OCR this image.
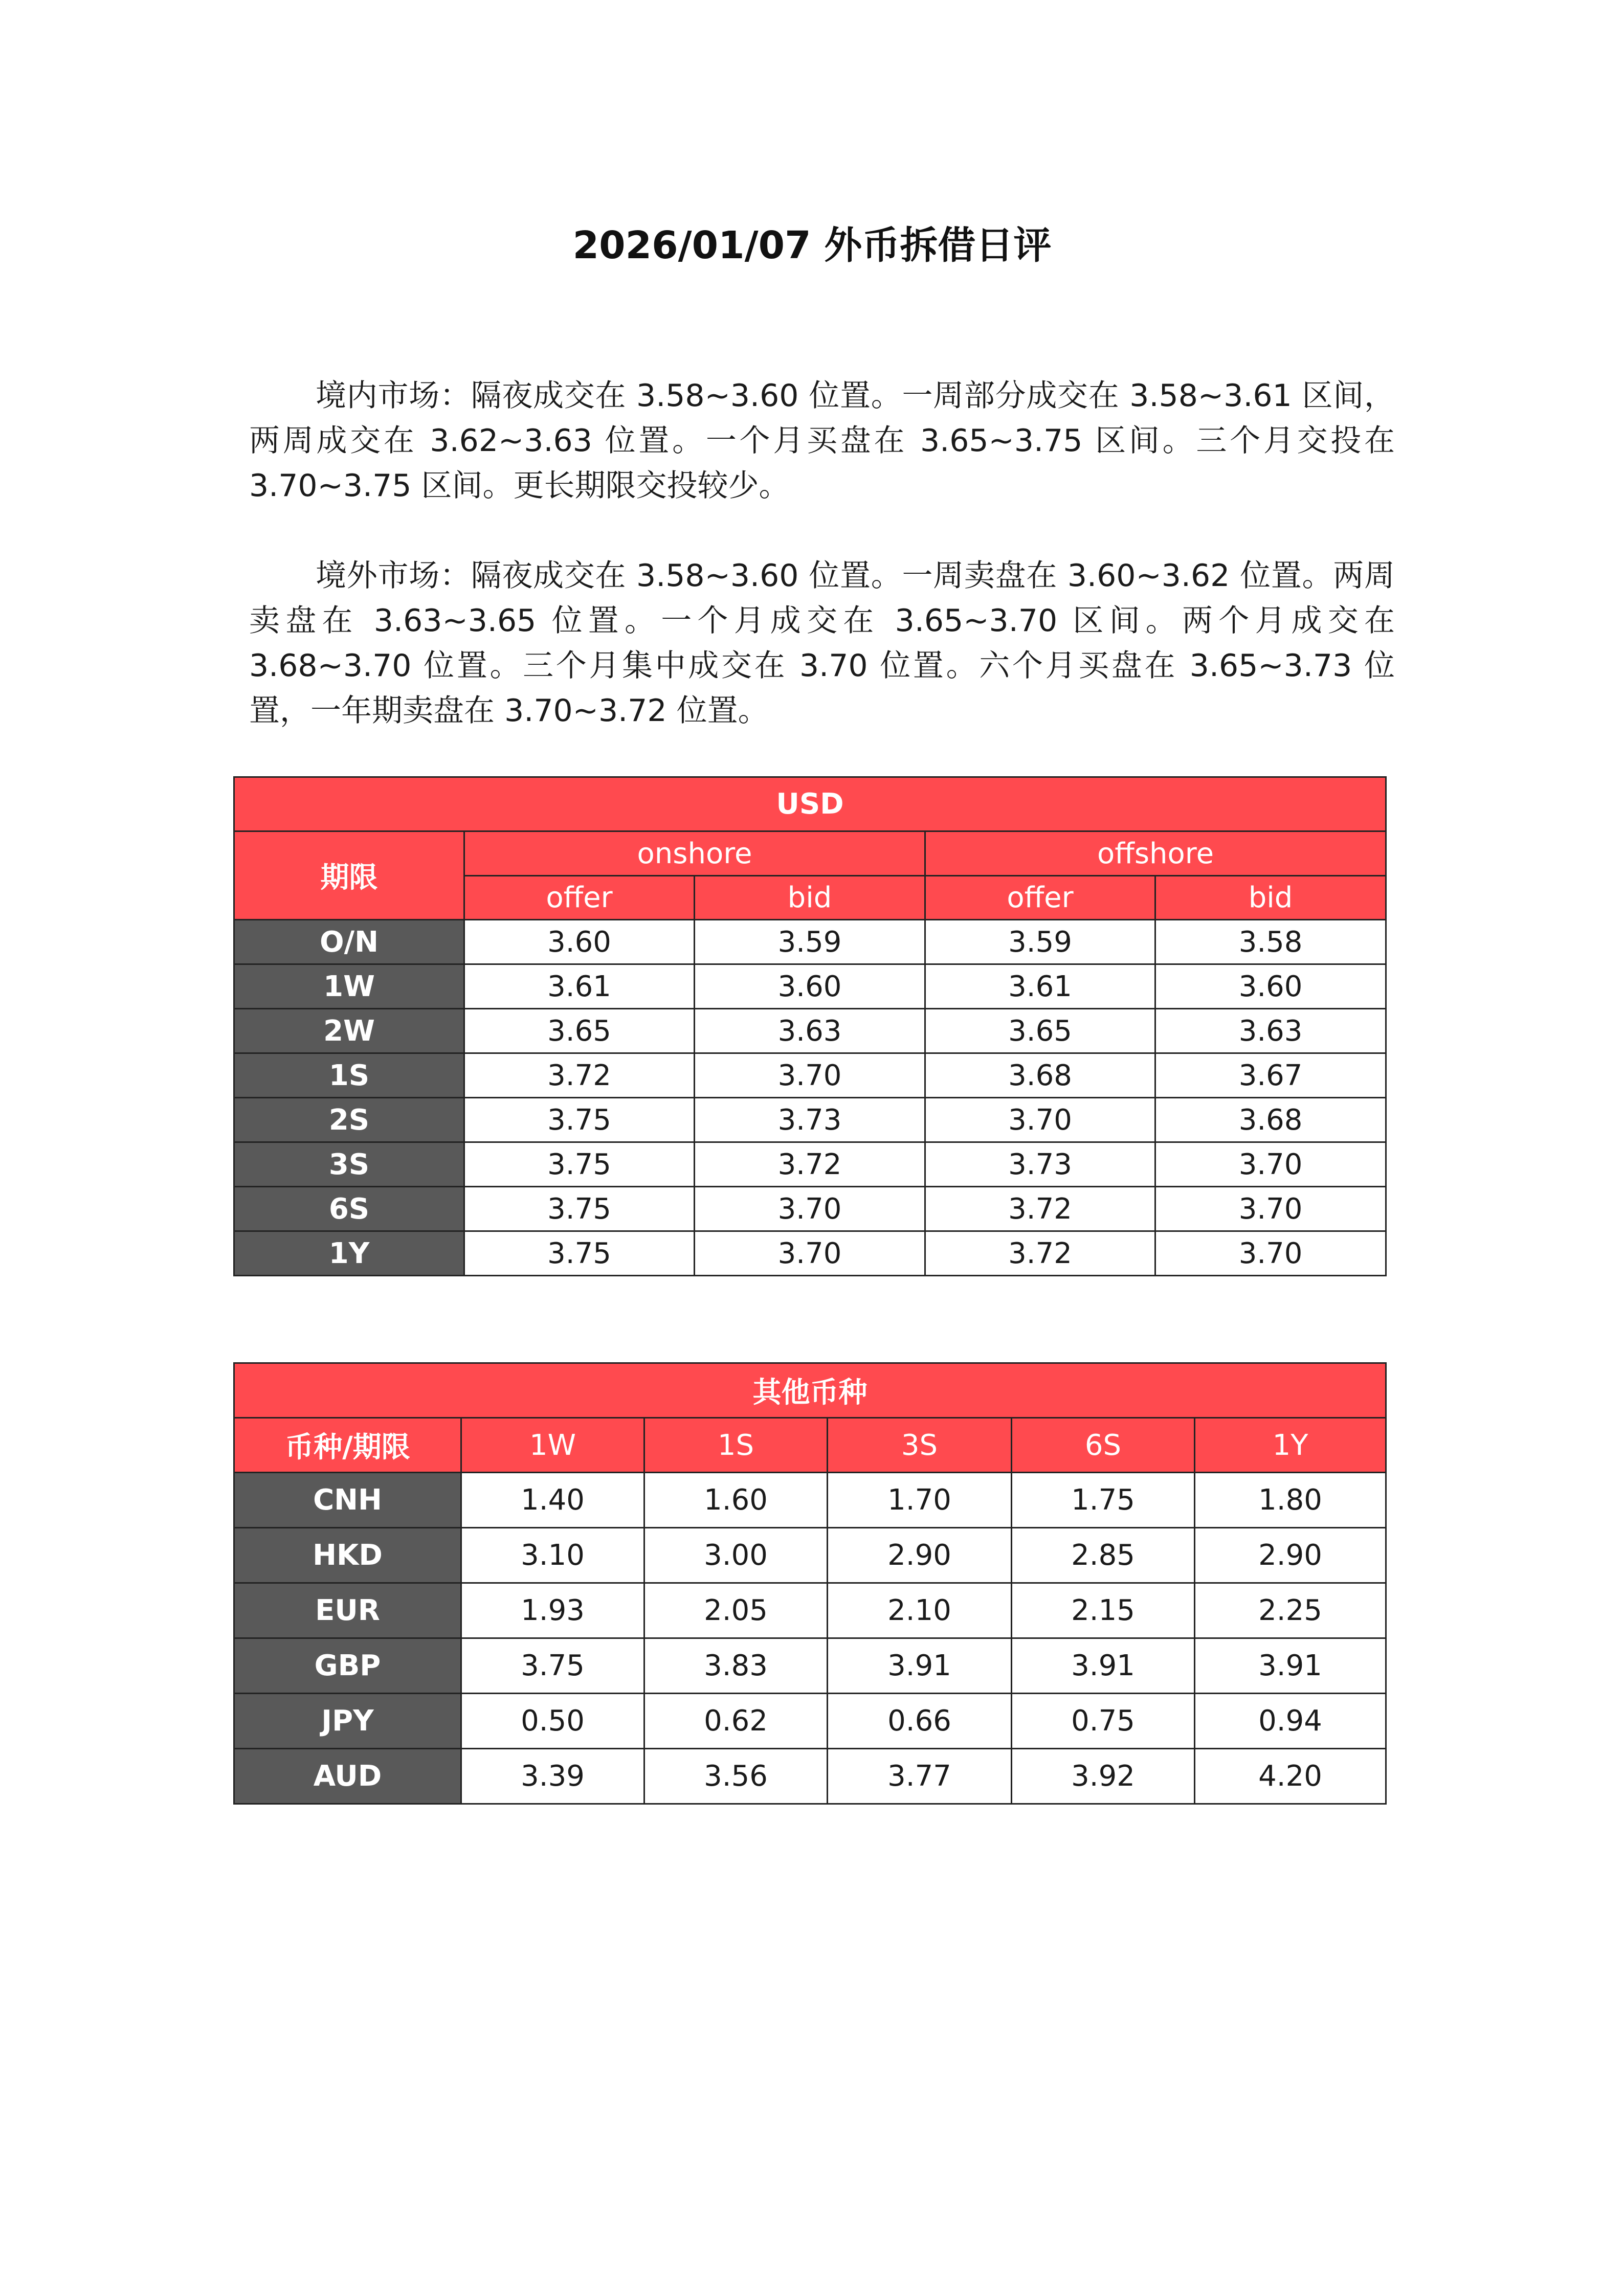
2026/01/07 外币拆借日评

境内市场：隔夜成交在 3.58~3.60 位置。一周部分成交在 3.58~3.61 区间，两周成交在 3.62~3.63 位置。一个月买盘在 3.65~3.75 区间。三个月交投在 3.70~3.75 区间。更长期限交投较少。

境外市场：隔夜成交在 3.58~3.60 位置。一周卖盘在 3.60~3.62 位置。两周卖盘在 3.63~3.65 位置。一个月成交在 3.65~3.70 区间。两个月成交在 3.68~3.70 位置。三个月集中成交在 3.70 位置。六个月买盘在 3.65~3.73 位置，一年期卖盘在 3.70~3.72 位置。

USD				
期限	onshore		offshore	
	offer	bid	offer	bid
O/N	3.60	3.59	3.59	3.58
1W	3.61	3.60	3.61	3.60
2W	3.65	3.63	3.65	3.63
1S	3.72	3.70	3.68	3.67
2S	3.75	3.73	3.70	3.68
3S	3.75	3.72	3.73	3.70
6S	3.75	3.70	3.72	3.70
1Y	3.75	3.70	3.72	3.70
其他币种					
币种/期限	1W	1S	3S	6S	1Y
CNH	1.40	1.60	1.70	1.75	1.80
HKD	3.10	3.00	2.90	2.85	2.90
EUR	1.93	2.05	2.10	2.15	2.25
GBP	3.75	3.83	3.91	3.91	3.91
JPY	0.50	0.62	0.66	0.75	0.94
AUD	3.39	3.56	3.77	3.92	4.20
